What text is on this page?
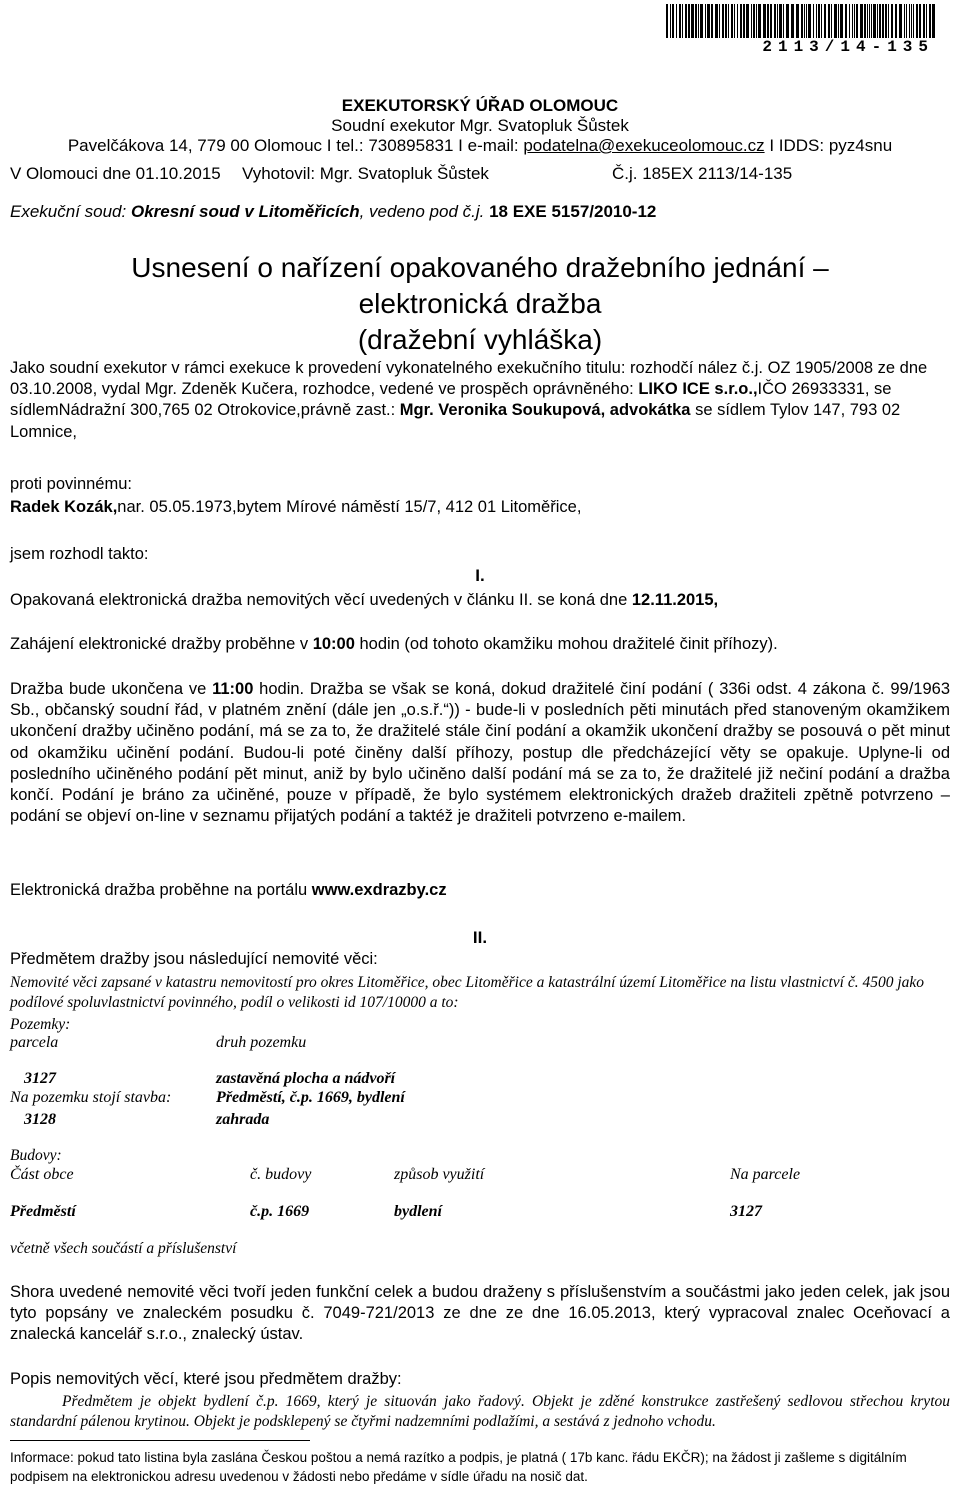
2113/14-135
EXEKUTORSKÝ ÚŘAD OLOMOUC
Soudní exekutor Mgr. Svatopluk Šůstek
Pavelčákova 14, 779 00 Olomouc I tel.: 730895831 I e-mail: podatelna@exekuceolomouc.cz I IDDS: pyz4snu
V Olomouci dne 01.10.2015 Vyhotovil: Mgr. Svatopluk Šůstek	Č.j. 185EX 2113/14-135
Exekuční soud: Okresní soud v Litoměřicích, vedeno pod č.j. 18 EXE 5157/2010-12
Usnesení o nařízení opakovaného dražebního jednání –
elektronická dražba
(dražební vyhláška)
Jako soudní exekutor v rámci exekuce k provedení vykonatelného exekučního titulu: rozhodčí nález č.j. OZ 1905/2008 ze dne 03.10.2008, vydal Mgr. Zdeněk Kučera, rozhodce, vedené ve prospěch oprávněného: LIKO ICE s.r.o.,IČO 26933331, se sídlemNádražní 300,765 02 Otrokovice,právně zast.: Mgr. Veronika Soukupová, advokátka se sídlem Tylov 147, 793 02 Lomnice,
proti povinnému:
Radek Kozák,nar. 05.05.1973,bytem Mírové náměstí 15/7, 412 01 Litoměřice,
jsem rozhodl takto:
I.
Opakovaná elektronická dražba nemovitých věcí uvedených v článku II. se koná dne 12.11.2015,
Zahájení elektronické dražby proběhne v 10:00 hodin (od tohoto okamžiku mohou dražitelé činit příhozy).
Dražba bude ukončena ve 11:00 hodin. Dražba se však se koná, dokud dražitelé činí podání ( 336i odst. 4 zákona č. 99/1963 Sb., občanský soudní řád, v platném znění (dále jen „o.s.ř.“)) - bude-li v posledních pěti minutách před stanoveným okamžikem ukončení dražby učiněno podání, má se za to, že dražitelé stále činí podání a okamžik ukončení dražby se posouvá o pět minut od okamžiku učinění podání. Budou-li poté činěny další příhozy, postup dle předcházející věty se opakuje. Uplyne-li od posledního učiněného podání pět minut, aniž by bylo učiněno další podání má se za to, že dražitelé již nečiní podání a dražba končí. Podání je bráno za učiněné, pouze v případě, že bylo systémem elektronických dražeb dražiteli zpětně potvrzeno – podání se objeví on-line v seznamu přijatých podání a taktéž je dražiteli potvrzeno e-mailem.
Elektronická dražba proběhne na portálu www.exdrazby.cz
II.
Předmětem dražby jsou následující nemovité věci:
Nemovité věci zapsané v katastru nemovitostí pro okres Litoměřice, obec Litoměřice a katastrální území Litoměřice na listu vlastnictví č. 4500 jako podílové spoluvlastnictví povinného, podíl o velikosti id 107/10000 a to:
Pozemky:
parcela	druh pozemku
3127	zastavěná plocha a nádvoří
Na pozemku stojí stavba:	Předměstí, č.p. 1669, bydlení
3128	zahrada
Budovy:
Část obce	č. budovy	způsob využití	Na parcele
Předměstí	č.p. 1669	bydlení	3127
včetně všech součástí a příslušenství
Shora uvedené nemovité věci tvoří jeden funkční celek a budou draženy s příslušenstvím a součástmi jako jeden celek, jak jsou tyto popsány ve znaleckém posudku č. 7049-721/2013 ze dne ze dne 16.05.2013, který vypracoval znalec Oceňovací a znalecká kancelář s.r.o., znalecký ústav.
Popis nemovitých věcí, které jsou předmětem dražby:
Předmětem je objekt bydlení č.p. 1669, který je situován jako řadový. Objekt je zděné konstrukce zastřešený sedlovou střechou krytou standardní pálenou krytinou. Objekt je podsklepený se čtyřmi nadzemními podlažími, a sestává z jednoho vchodu.
Informace: pokud tato listina byla zaslána Českou poštou a nemá razítko a podpis, je platná ( 17b kanc. řádu EKČR); na žádost ji zašleme s digitálním podpisem na elektronickou adresu uvedenou v žádosti nebo předáme v sídle úřadu na nosič dat.
